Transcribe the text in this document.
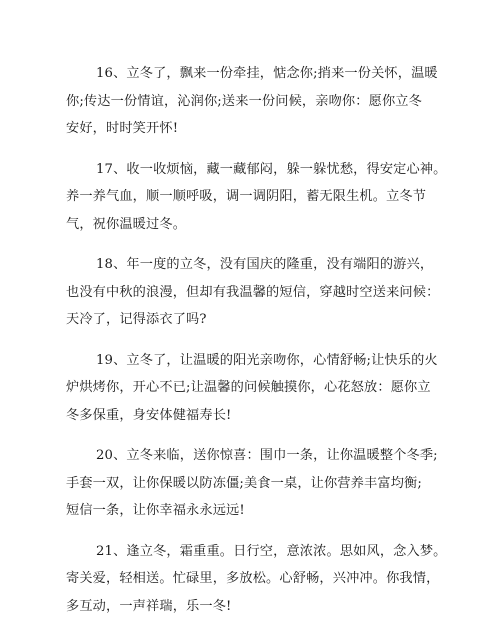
16、立冬了，飘来一份牵挂，惦念你;捎来一份关怀，温暖
你;传达一份情谊，沁润你;送来一份问候，亲吻你：愿你立冬
安好，时时笑开怀!
17、收一收烦恼，藏一藏郁闷，躲一躲忧愁，得安定心神。
养一养气血，顺一顺呼吸，调一调阴阳，蓄无限生机。立冬节
气，祝你温暖过冬。
18、年一度的立冬，没有国庆的隆重，没有端阳的游兴，
也没有中秋的浪漫，但却有我温馨的短信，穿越时空送来问候：
天冷了，记得添衣了吗?
19、立冬了，让温暖的阳光亲吻你，心情舒畅;让快乐的火
炉烘烤你，开心不已;让温馨的问候触摸你，心花怒放：愿你立
冬多保重，身安体健福寿长!
20、立冬来临，送你惊喜：围巾一条，让你温暖整个冬季;
手套一双，让你保暖以防冻僵;美食一桌，让你营养丰富均衡;
短信一条，让你幸福永永远远!
21、逢立冬，霜重重。日行空，意浓浓。思如风，念入梦。
寄关爱，轻相送。忙碌里，多放松。心舒畅，兴冲冲。你我情，
多互动，一声祥瑞，乐一冬!
